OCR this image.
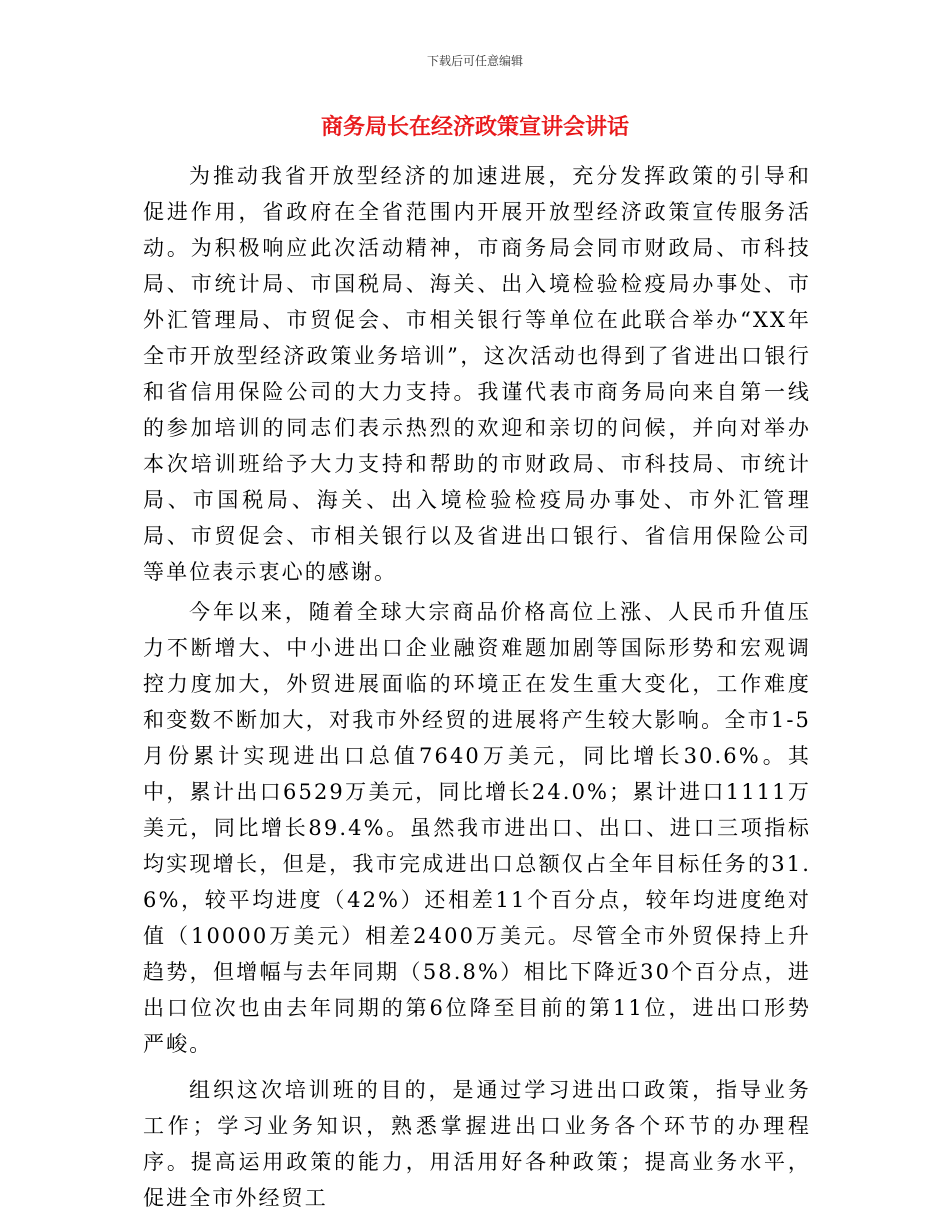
下载后可任意编辑
商务局长在经济政策宣讲会讲话

为推动我省开放型经济的加速进展，充分发挥政策的引导和促进作用，省政府在全省范围内开展开放型经济政策宣传服务活动。为积极响应此次活动精神，市商务局会同市财政局、市科技局、市统计局、市国税局、海关、出入境检验检疫局办事处、市外汇管理局、市贸促会、市相关银行等单位在此联合举办“XX年全市开放型经济政策业务培训”，这次活动也得到了省进出口银行和省信用保险公司的大力支持。我谨代表市商务局向来自第一线的参加培训的同志们表示热烈的欢迎和亲切的问候，并向对举办本次培训班给予大力支持和帮助的市财政局、市科技局、市统计局、市国税局、海关、出入境检验检疫局办事处、市外汇管理局、市贸促会、市相关银行以及省进出口银行、省信用保险公司等单位表示衷心的感谢。

今年以来，随着全球大宗商品价格高位上涨、人民币升值压力不断增大、中小进出口企业融资难题加剧等国际形势和宏观调控力度加大，外贸进展面临的环境正在发生重大变化，工作难度和变数不断加大，对我市外经贸的进展将产生较大影响。全市1-5月份累计实现进出口总值7640万美元，同比增长30.6%。其中，累计出口6529万美元，同比增长24.0%；累计进口1111万美元，同比增长89.4%。虽然我市进出口、出口、进口三项指标均实现增长，但是，我市完成进出口总额仅占全年目标任务的31.6%，较平均进度（42%）还相差11个百分点，较年均进度绝对值（10000万美元）相差2400万美元。尽管全市外贸保持上升趋势，但增幅与去年同期（58.8%）相比下降近30个百分点，进出口位次也由去年同期的第6位降至目前的第11位，进出口形势严峻。

组织这次培训班的目的，是通过学习进出口政策，指导业务工作；学习业务知识，熟悉掌握进出口业务各个环节的办理程序。提高运用政策的能力，用活用好各种政策；提高业务水平，促进全市外经贸工
